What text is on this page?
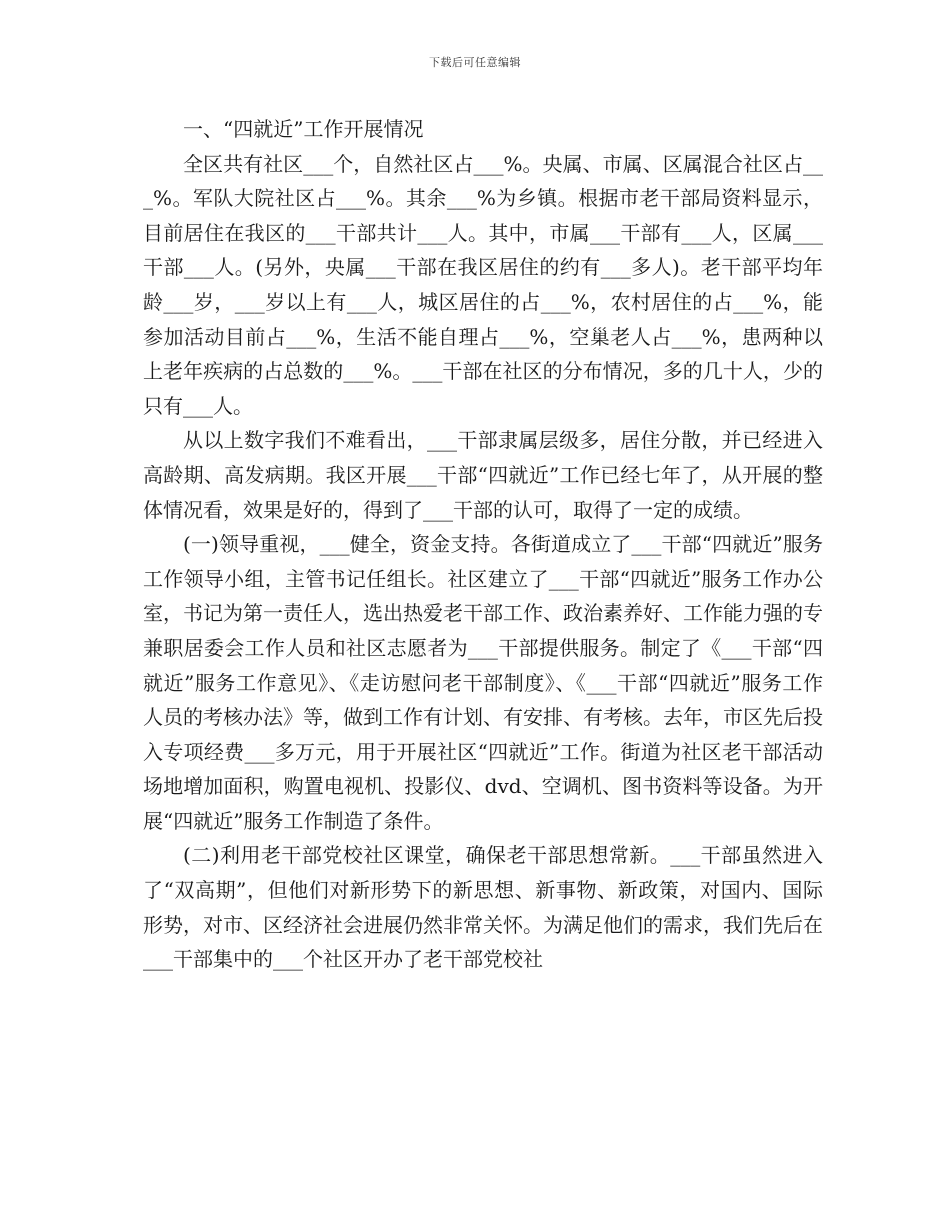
下载后可任意编辑

一、“四就近”工作开展情况

全区共有社区___个，自然社区占___%。央属、市属、区属混合社区占___%。军队大院社区占___%。其余___%为乡镇。根据市老干部局资料显示，目前居住在我区的___干部共计___人。其中，市属___干部有___人，区属___干部___人。(另外，央属___干部在我区居住的约有___多人)。老干部平均年龄___岁，___岁以上有___人，城区居住的占___%，农村居住的占___%，能参加活动目前占___%，生活不能自理占___%，空巢老人占___%，患两种以上老年疾病的占总数的___%。___干部在社区的分布情况，多的几十人，少的只有___人。

从以上数字我们不难看出，___干部隶属层级多，居住分散，并已经进入高龄期、高发病期。我区开展___干部“四就近”工作已经七年了，从开展的整体情况看，效果是好的，得到了___干部的认可，取得了一定的成绩。

(一)领导重视，___健全，资金支持。各街道成立了___干部“四就近”服务工作领导小组，主管书记任组长。社区建立了___干部“四就近”服务工作办公室，书记为第一责任人，选出热爱老干部工作、政治素养好、工作能力强的专兼职居委会工作人员和社区志愿者为___干部提供服务。制定了《___干部“四就近”服务工作意见》、《走访慰问老干部制度》、《___干部“四就近”服务工作人员的考核办法》等，做到工作有计划、有安排、有考核。去年，市区先后投入专项经费___多万元，用于开展社区“四就近”工作。街道为社区老干部活动场地增加面积，购置电视机、投影仪、dvd、空调机、图书资料等设备。为开展“四就近”服务工作制造了条件。

(二)利用老干部党校社区课堂，确保老干部思想常新。___干部虽然进入了“双高期”，但他们对新形势下的新思想、新事物、新政策，对国内、国际形势，对市、区经济社会进展仍然非常关怀。为满足他们的需求，我们先后在___干部集中的___个社区开办了老干部党校社
